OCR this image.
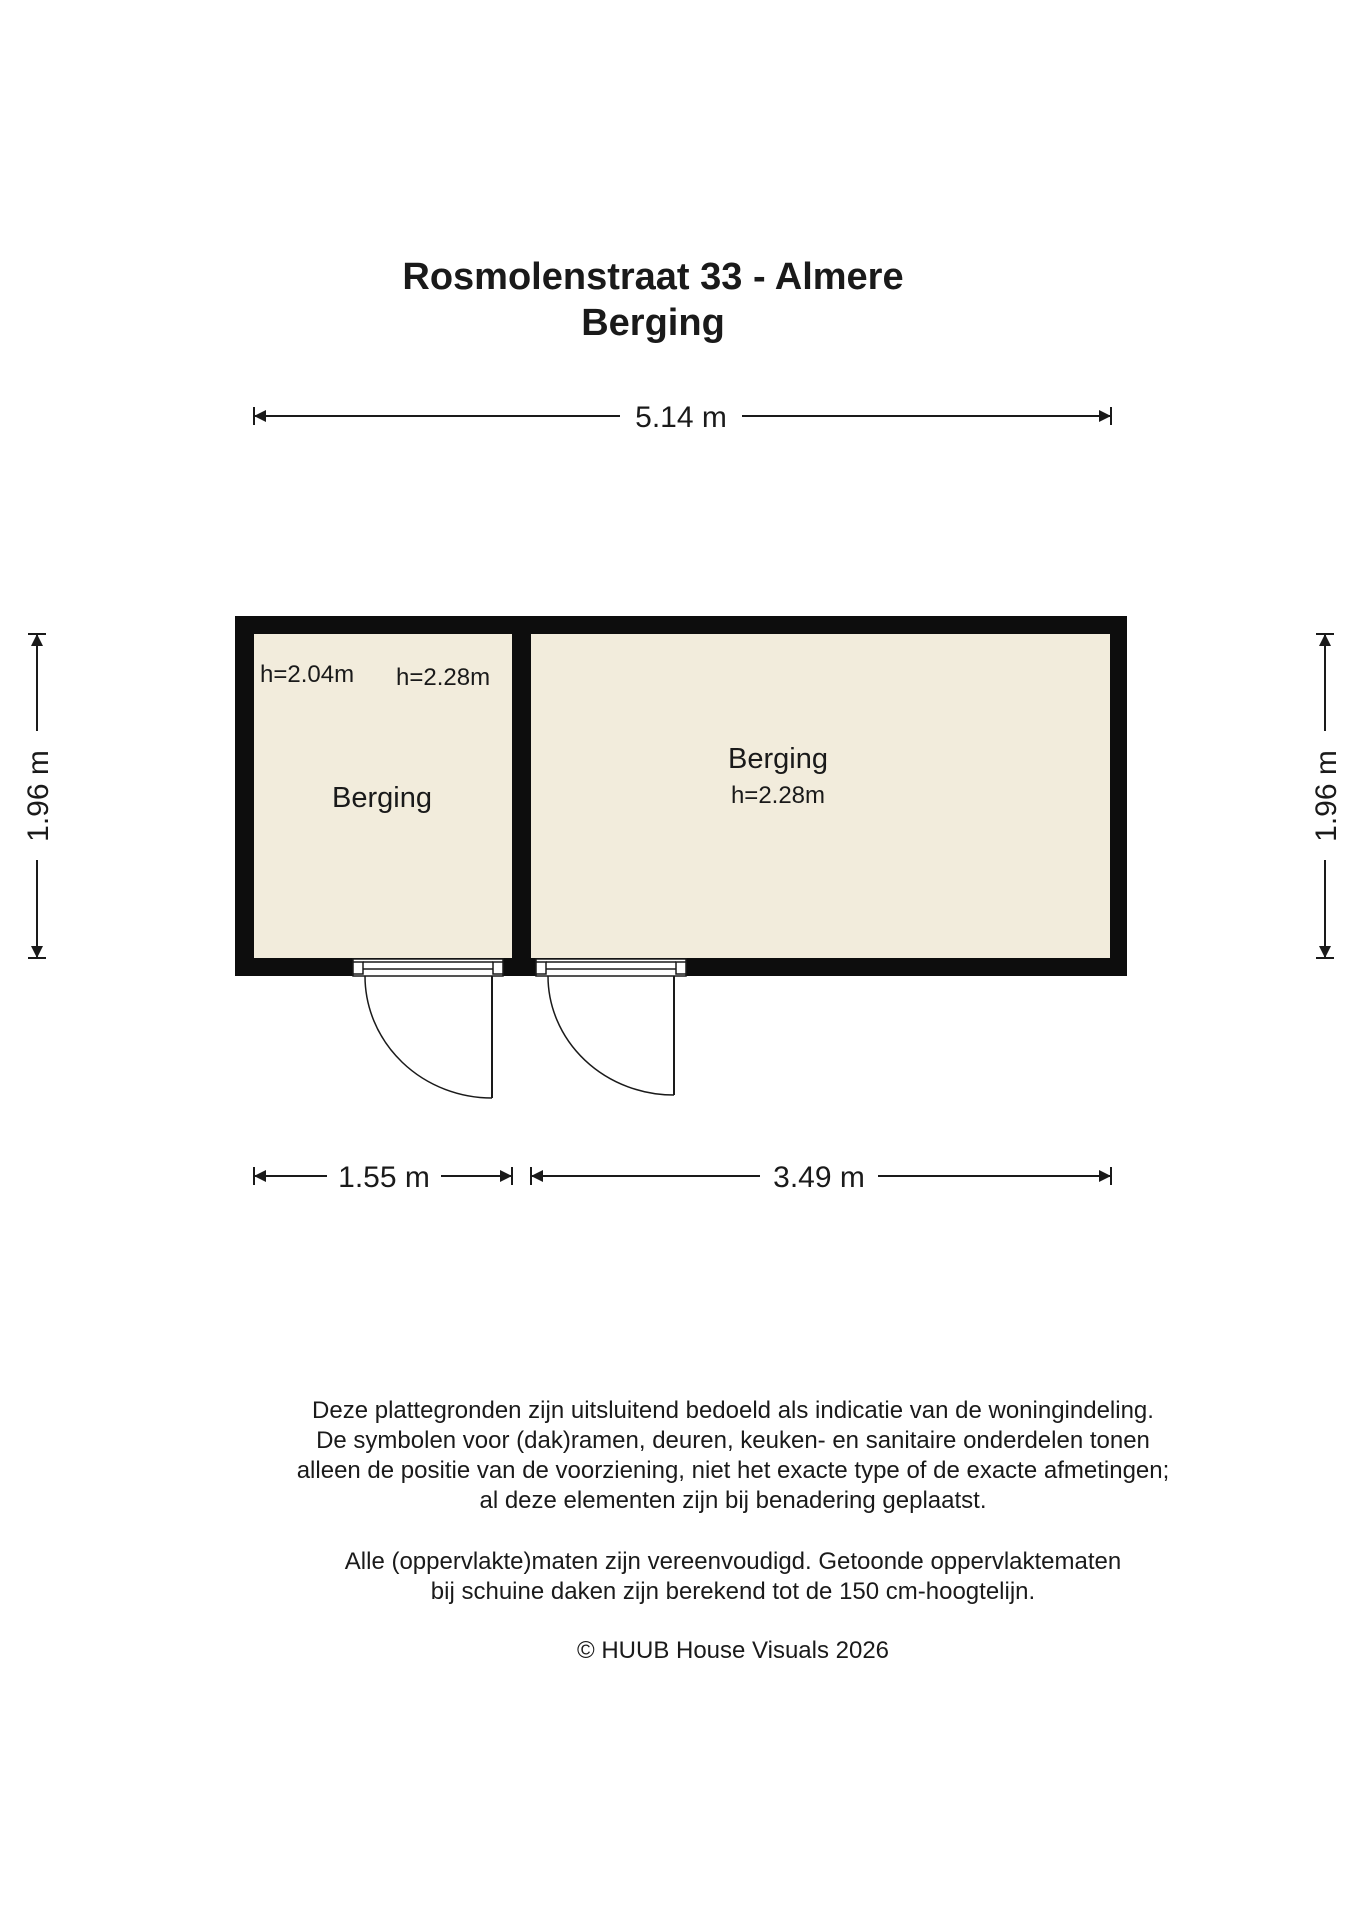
Rosmolenstraat 33 - Almere
Berging
5.14 m
1.96 m	1.96 m
h=2.04m h=2.28m
Berging
Berging
h=2.28m
1.55 m	3.49 m

Deze plattegronden zijn uitsluitend bedoeld als indicatie van de woningindeling.

De symbolen voor (dak)ramen, deuren, keuken- en sanitaire onderdelen tonen

alleen de positie van de voorziening, niet het exacte type of de exacte afmetingen;

al deze elementen zijn bij benadering geplaatst.

Alle (oppervlakte)maten zijn vereenvoudigd. Getoonde oppervlaktematen

bij schuine daken zijn berekend tot de 150 cm-hoogtelijn.

© HUUB House Visuals 2026
